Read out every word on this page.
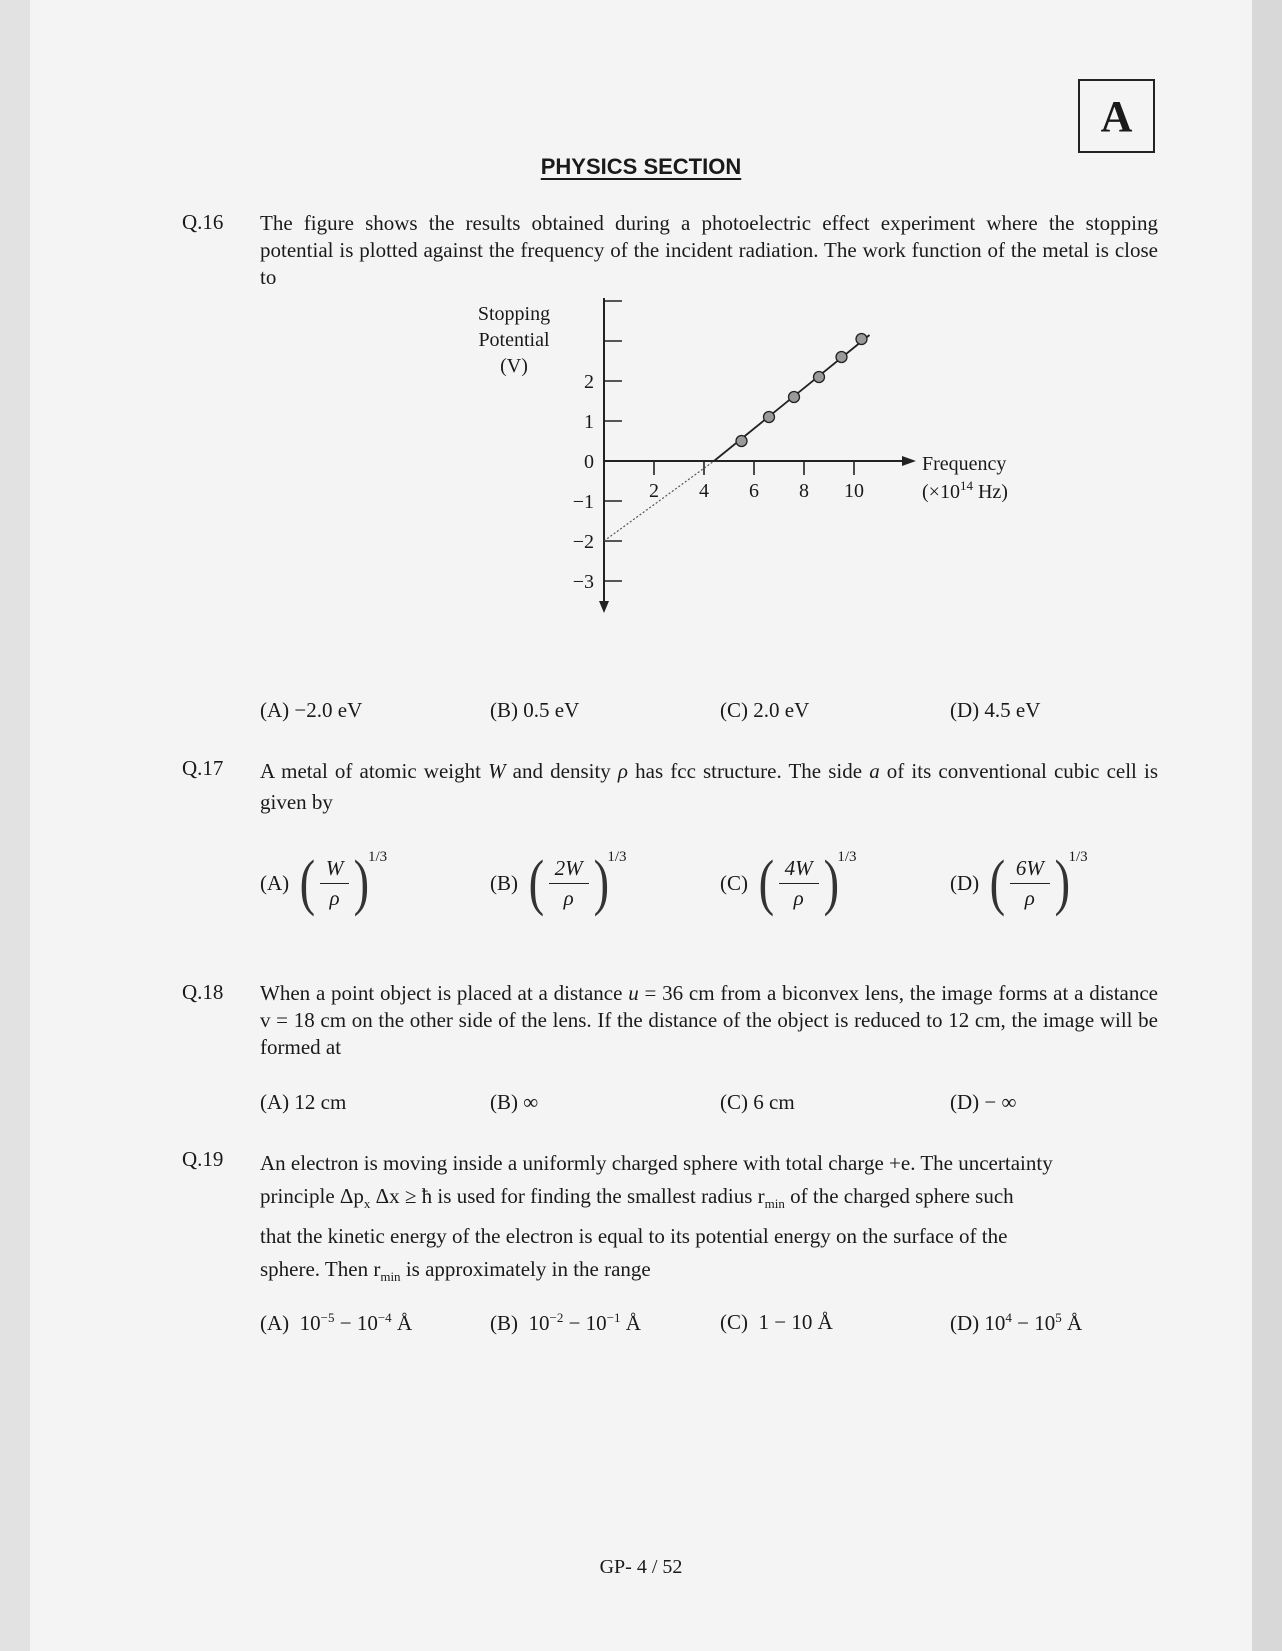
A
PHYSICS SECTION
Q.16 The figure shows the results obtained during a photoelectric effect experiment where the stopping potential is plotted against the frequency of the incident radiation. The work function of the metal is close to
−3
−2
−1
0
1
2
2 4 6 8 10
Stopping
Potential
(V)
Frequency
($\times 10^{14}$ Hz)
(A) −2.0 eV	(B) 0.5 eV	(C) 2.0 eV	(D) 4.5 eV
Q.17 A metal of atomic weight W and density ρ has fcc structure. The side a of its conventional cubic cell is given by
(A) ( $\frac{W}{\rho}$ )
1/3
(B) ( $\frac{2W}{\rho}$ )
1/3
(C) ( $\frac{4W}{\rho}$ )
1/3
(D) ( $\frac{6W}{\rho}$ )
1/3
Q.18 When a point object is placed at a distance u = 36 cm from a biconvex lens, the image forms at a distance v = 18 cm on the other side of the lens. If the distance of the object is reduced to 12 cm, the image will be formed at
(A) 12 cm	(B) ∞	(C) 6 cm	(D) − ∞
Q.19 An electron is moving inside a uniformly charged sphere with total charge +e. The uncertainty
principle $\Delta p_x$ Δx ≥ ħ is used for finding the smallest radius $r_{min}$ of the charged sphere such
that the kinetic energy of the electron is equal to its potential energy on the surface of the
sphere. Then $r_{min}$ is approximately in the range
(A) $10^{-5} - 10^{-4}$ Å	(B) $10^{-2} - 10^{-1}$ Å	(C) 1 − 10 Å	(D) $10^4 - 10^5$ Å
GP- 4 / 52
